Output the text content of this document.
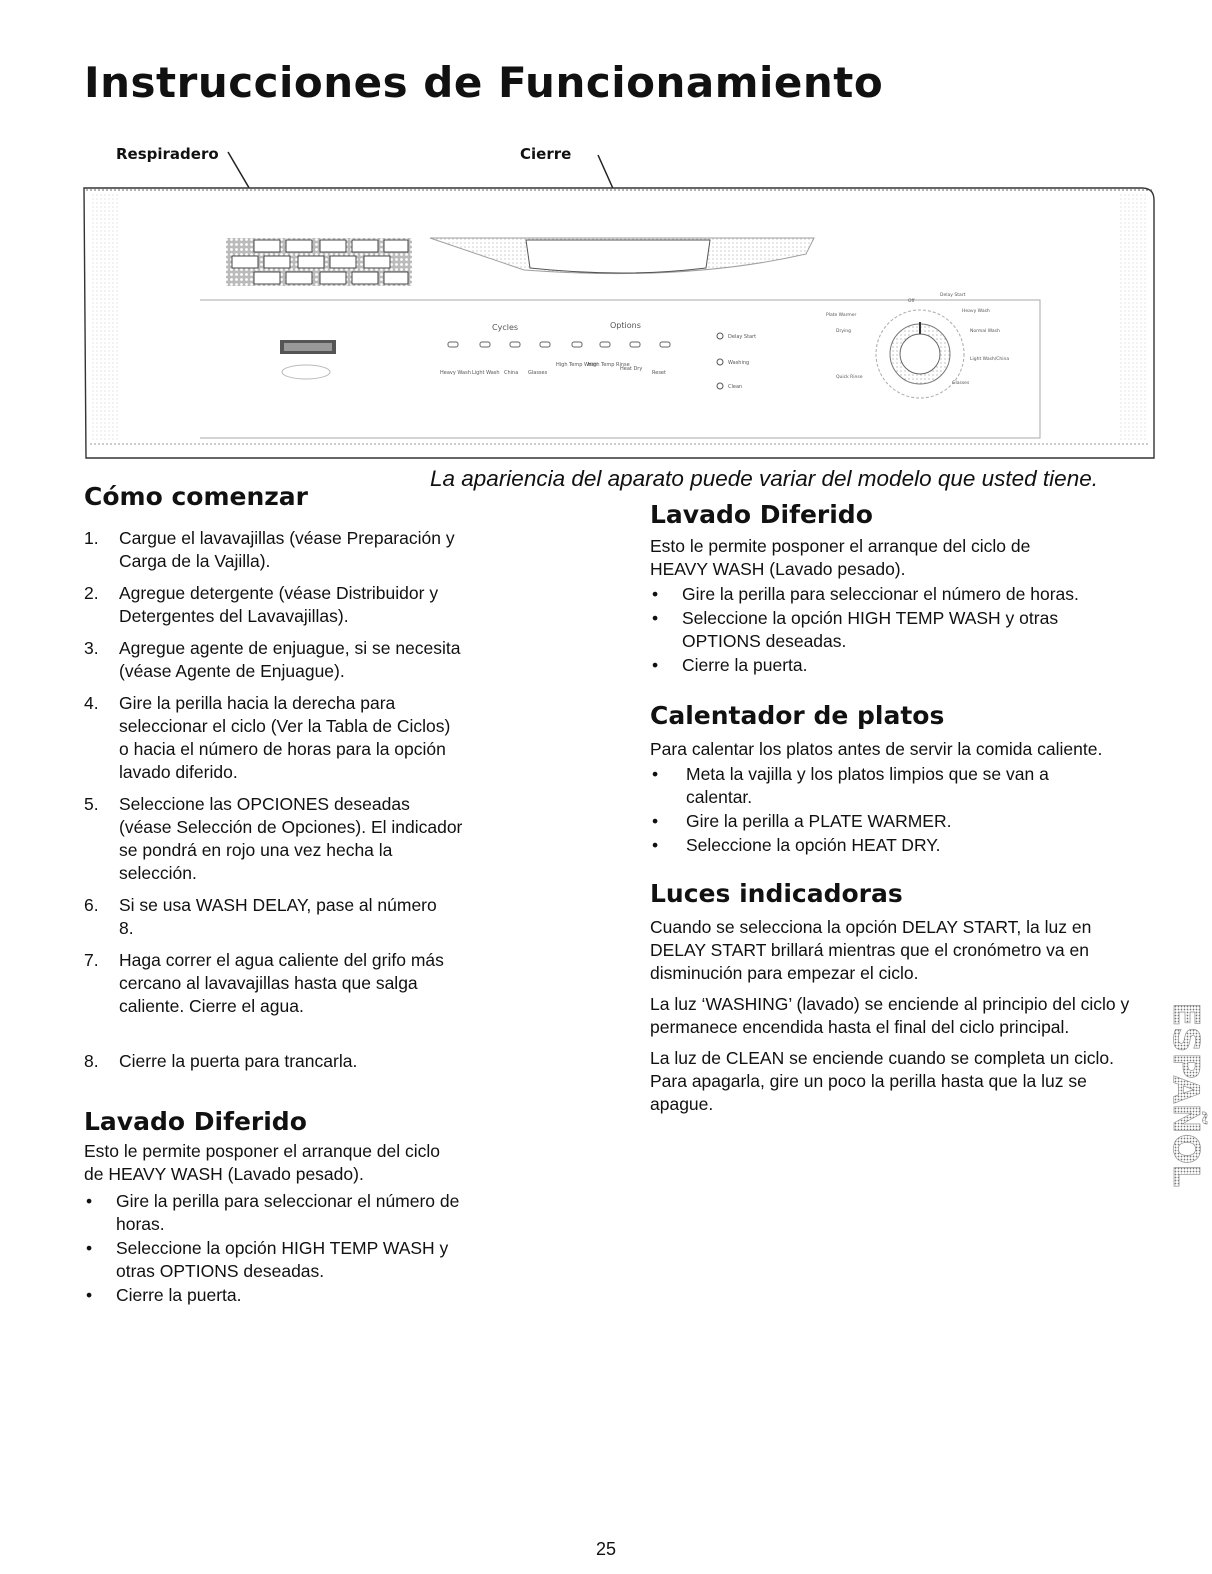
Instrucciones de Funcionamiento
Respiradero	Cierre
Cycles	Options
Heavy Wash Light Wash China Glasses
High Temp Wash
High Temp Rinse
Heat Dry
Reset
Delay Start
Washing
Clean
Off
Delay Start
Heavy Wash
Normal Wash
Light Wash/China
Glasses
Quick Rinse
Drying
Plate Warmer
La apariencia del aparato puede variar del modelo que usted tiene.
Cómo comenzar
1. Cargue el lavavajillas (véase Preparación y Carga de la Vajilla).
2. Agregue detergente (véase Distribuidor y Detergentes del Lavavajillas).
3. Agregue agente de enjuague, si se necesita (véase Agente de Enjuague).
4. Gire la perilla hacia la derecha para seleccionar el ciclo (Ver la Tabla de Ciclos) o hacia el número de horas para la opción lavado diferido.
5. Seleccione las OPCIONES deseadas (véase Selección de Opciones). El indicador se pondrá en rojo una vez hecha la selección.
6. Si se usa WASH DELAY, pase al número 8.
7. Haga correr el agua caliente del grifo más cercano al lavavajillas hasta que salga caliente. Cierre el agua.
8. Cierre la puerta para trancarla.
Lavado Diferido

Esto le permite posponer el arranque del ciclo de HEAVY WASH (Lavado pesado).

• Gire la perilla para seleccionar el número de horas.
• Seleccione la opción HIGH TEMP WASH y otras OPTIONS deseadas.
• Cierre la puerta.
Lavado Diferido

Esto le permite posponer el arranque del ciclo de HEAVY WASH (Lavado pesado).

• Gire la perilla para seleccionar el número de horas.
• Seleccione la opción HIGH TEMP WASH y otras OPTIONS deseadas.
• Cierre la puerta.
Calentador de platos

Para calentar los platos antes de servir la comida caliente.

• Meta la vajilla y los platos limpios que se van a calentar.
• Gire la perilla a PLATE WARMER.
• Seleccione la opción HEAT DRY.
Luces indicadoras

Cuando se selecciona la opción DELAY START, la luz en DELAY START brillará mientras que el cronómetro va en disminución para empezar el ciclo.

La luz ‘WASHING’ (lavado) se enciende al principio del ciclo y permanece encendida hasta el final del ciclo principal.

La luz de CLEAN se enciende cuando se completa un ciclo. Para apagarla, gire un poco la perilla hasta que la luz se apague.	ESPAÑOL
25
